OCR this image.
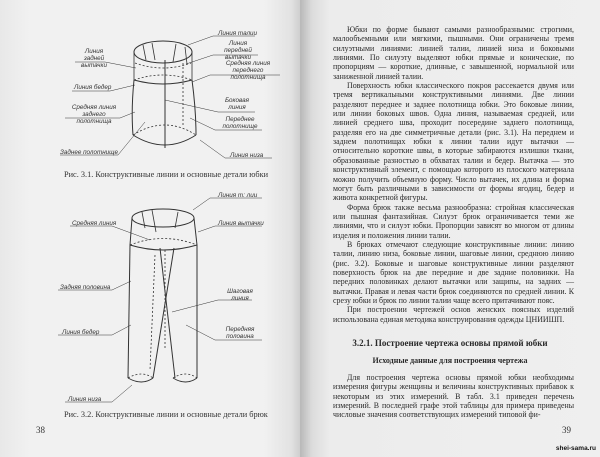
Линия талии
Линия передней вытачки
Линия задней вытачки	Средняя линия переднего полотнища
Линия бедер
Боковая линия
Средняя линия заднего полотнища	Переднее полотнище
Заднее полотнище	Линия низа
Рис. 3.1. Конструктивные линии и основные детали юбки
Линия т: лии
Средняя линия	Линия вытачки
Задняя половина
Шаговая линия
Линия бедер	Передняя половина
Линия низа
Рис. 3.2. Конструктивные линии и основные детали брюк
38

Юбки по форме бывают самыми разнообразными: строгими, малообъемными или мягкими, пышными. Они ограничены тремя силуэтными линиями: линией талии, линией низа и боковыми линиями. По силуэту выделяют юбки прямые и конические, по пропорциям — короткие, длинные, с завышенной, нормальной или заниженной линией талии.

Поверхность юбки классического покроя рассекается двумя или тремя вертикальными конструктивными линиями. Две линии разделяют переднее и заднее полотнища юбки. Это боковые линии, или линии боковых швов. Одна линия, называемая средней, или линией среднего шва, проходит посередине заднего полотнища, разделяя его на две симметричные детали (рис. 3.1). На переднем и заднем полотнищах юбки к линии талии идут вытачки — относительно короткие швы, в которые забираются излишки ткани, образованные разностью в обхватах талии и бедер. Вытачка — это конструктивный элемент, с помощью которого из плоского материала можно получить объемную форму. Число вытачек, их длина и форма могут быть различными в зависимости от формы ягодиц, бедер и живота конкретной фигуры.

Форма брюк также весьма разнообразна: стройная классическая или пышная фантазийная. Силуэт брюк ограничивается теми же линиями, что и силуэт юбки. Пропорции зависят во многом от длины изделия и положения линии талии.

В брюках отмечают следующие конструктивные линии: линию талии, линию низа, боковые линии, шаговые линии, среднюю линию (рис. 3.2). Боковые и шаговые конструктивные линии разделяют поверхность брюк на две передние и две задние половинки. На передних половинках делают вытачки или защипы, на задних — вытачки. Правая и левая части брюк соединяются по средней линии. К срезу юбки и брюк по линии талии чаще всего притачивают пояс.

При построении чертежей основ женских поясных изделий использована единая методика конструирования одежды ЦНИИШП.

3.2.1. Построение чертежа основы прямой юбки
Исходные данные для построения чертежа

Для построения чертежа основы прямой юбки необходимы измерения фигуры женщины и величины конструктивных прибавок к некоторым из этих измерений. В табл. 3.1 приведен перечень измерений. В последней графе этой таблицы для примера приведены числовые значения соответствующих измерений типовой фи-

39
shei-sama.ru
